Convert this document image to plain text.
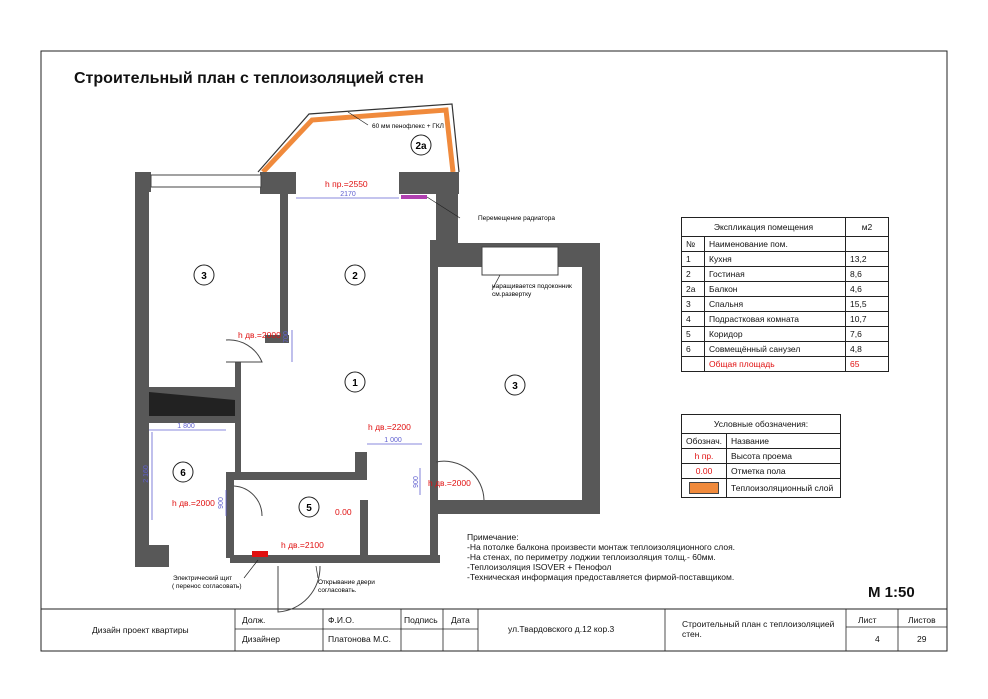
3	2
2а
1	3
5
6
2170
1 800
2 160
1 000
700
900
900
h пр.=2550
h дв.=2000
h дв.=2200
h дв.=2000
h дв.=2000
h дв.=2100
0.00
60 мм пенофлекс + ГКЛ
Перемещение радиатора
наращивается подоконник
см.развертку
Электрический щит
( перенос согласовать)
Открывание двери
согласовать.
Строительный план с теплоизоляцией стен
Экспликация помещения		м2
№	Наименование пом.	
1	Кухня	13,2
2	Гостиная	8,6
2а	Балкон	4,6
3	Спальня	15,5
4	Подрастковая комната	10,7
5	Коридор	7,6
6	Совмещённый санузел	4,8
	Общая площадь	65
Условные обозначения:	
Обознач.	Название
h пр.	Высота проема
0.00	Отметка пола

	Теплоизоляционный слой
Примечание:
-На потолке балкона произвести монтаж теплоизоляционного слоя.
-На стенах, по периметру лоджии теплоизоляция толщ.- 60мм.
-Теплоизоляция ISOVER + Пенофол
-Техническая информация предоставляется фирмой-поставщиком.
М 1:50
Дизайн проект квартиры
Долж.	Ф.И.О.	Подпись Дата
Дизайнер	Платонова М.С.
ул.Твардовского д.12 кор.3	Строительный план с теплоизоляцией стен.
Лист	Листов
4	29
